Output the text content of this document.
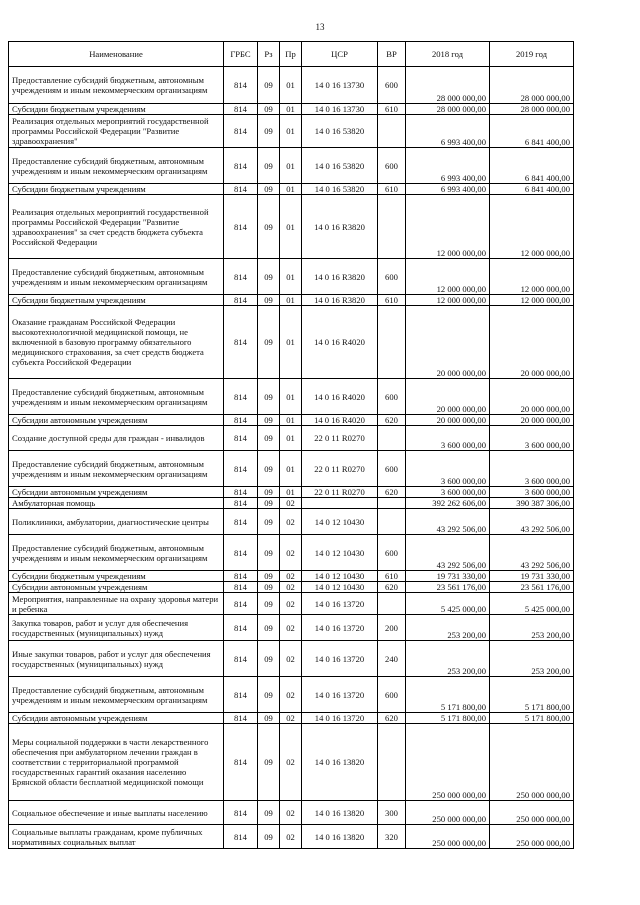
13
Наименование	ГРБС	Рз	Пр	ЦСР	ВР	2018 год	2019 год
Предоставление субсидий бюджетным, автономным учреждениям и иным некоммерческим организациям	814	09	01	14 0 16 13730	600	28 000 000,00	28 000 000,00
Субсидии бюджетным учреждениям	814	09	01	14 0 16 13730	610	28 000 000,00	28 000 000,00
Реализация отдельных мероприятий государственной программы Российской Федерации "Развитие здравоохранения"	814	09	01	14 0 16 53820		6 993 400,00	6 841 400,00
Предоставление субсидий бюджетным, автономным учреждениям и иным некоммерческим организациям	814	09	01	14 0 16 53820	600	6 993 400,00	6 841 400,00
Субсидии бюджетным учреждениям	814	09	01	14 0 16 53820	610	6 993 400,00	6 841 400,00
Реализация отдельных мероприятий государственной программы Российской Федерации "Развитие здравоохранения" за счет средств бюджета субъекта Российской Федерации	814	09	01	14 0 16 R3820		12 000 000,00	12 000 000,00
Предоставление субсидий бюджетным, автономным учреждениям и иным некоммерческим организациям	814	09	01	14 0 16 R3820	600	12 000 000,00	12 000 000,00
Субсидии бюджетным учреждениям	814	09	01	14 0 16 R3820	610	12 000 000,00	12 000 000,00
Оказание гражданам Российской Федерации высокотехнологичной медицинской помощи, не включенной в базовую программу обязательного медицинского страхования, за счет средств бюджета субъекта Российской Федерации	814	09	01	14 0 16 R4020		20 000 000,00	20 000 000,00
Предоставление субсидий бюджетным, автономным учреждениям и иным некоммерческим организациям	814	09	01	14 0 16 R4020	600	20 000 000,00	20 000 000,00
Субсидии автономным учреждениям	814	09	01	14 0 16 R4020	620	20 000 000,00	20 000 000,00
Создание доступной среды для граждан - инвалидов	814	09	01	22 0 11 R0270		3 600 000,00	3 600 000,00
Предоставление субсидий бюджетным, автономным учреждениям и иным некоммерческим организациям	814	09	01	22 0 11 R0270	600	3 600 000,00	3 600 000,00
Субсидии автономным учреждениям	814	09	01	22 0 11 R0270	620	3 600 000,00	3 600 000,00
Амбулаторная помощь	814	09	02			392 262 606,00	390 387 306,00
Поликлиники, амбулатории, диагностические центры	814	09	02	14 0 12 10430		43 292 506,00	43 292 506,00
Предоставление субсидий бюджетным, автономным учреждениям и иным некоммерческим организациям	814	09	02	14 0 12 10430	600	43 292 506,00	43 292 506,00
Субсидии бюджетным учреждениям	814	09	02	14 0 12 10430	610	19 731 330,00	19 731 330,00
Субсидии автономным учреждениям	814	09	02	14 0 12 10430	620	23 561 176,00	23 561 176,00
Мероприятия, направленные на охрану здоровья матери и ребенка	814	09	02	14 0 16 13720		5 425 000,00	5 425 000,00
Закупка товаров, работ и услуг для обеспечения государственных (муниципальных) нужд	814	09	02	14 0 16 13720	200	253 200,00	253 200,00
Иные закупки товаров, работ и услуг для обеспечения государственных (муниципальных) нужд	814	09	02	14 0 16 13720	240	253 200,00	253 200,00
Предоставление субсидий бюджетным, автономным учреждениям и иным некоммерческим организациям	814	09	02	14 0 16 13720	600	5 171 800,00	5 171 800,00
Субсидии автономным учреждениям	814	09	02	14 0 16 13720	620	5 171 800,00	5 171 800,00
Меры социальной поддержки в части лекарственного обеспечения при амбулаторном лечении граждан в соответствии с территориальной программой государственных гарантий оказания населению Брянской области бесплатной медицинской помощи	814	09	02	14 0 16 13820		250 000 000,00	250 000 000,00
Социальное обеспечение и иные выплаты населению	814	09	02	14 0 16 13820	300	250 000 000,00	250 000 000,00
Социальные выплаты гражданам, кроме публичных нормативных социальных выплат	814	09	02	14 0 16 13820	320	250 000 000,00	250 000 000,00
